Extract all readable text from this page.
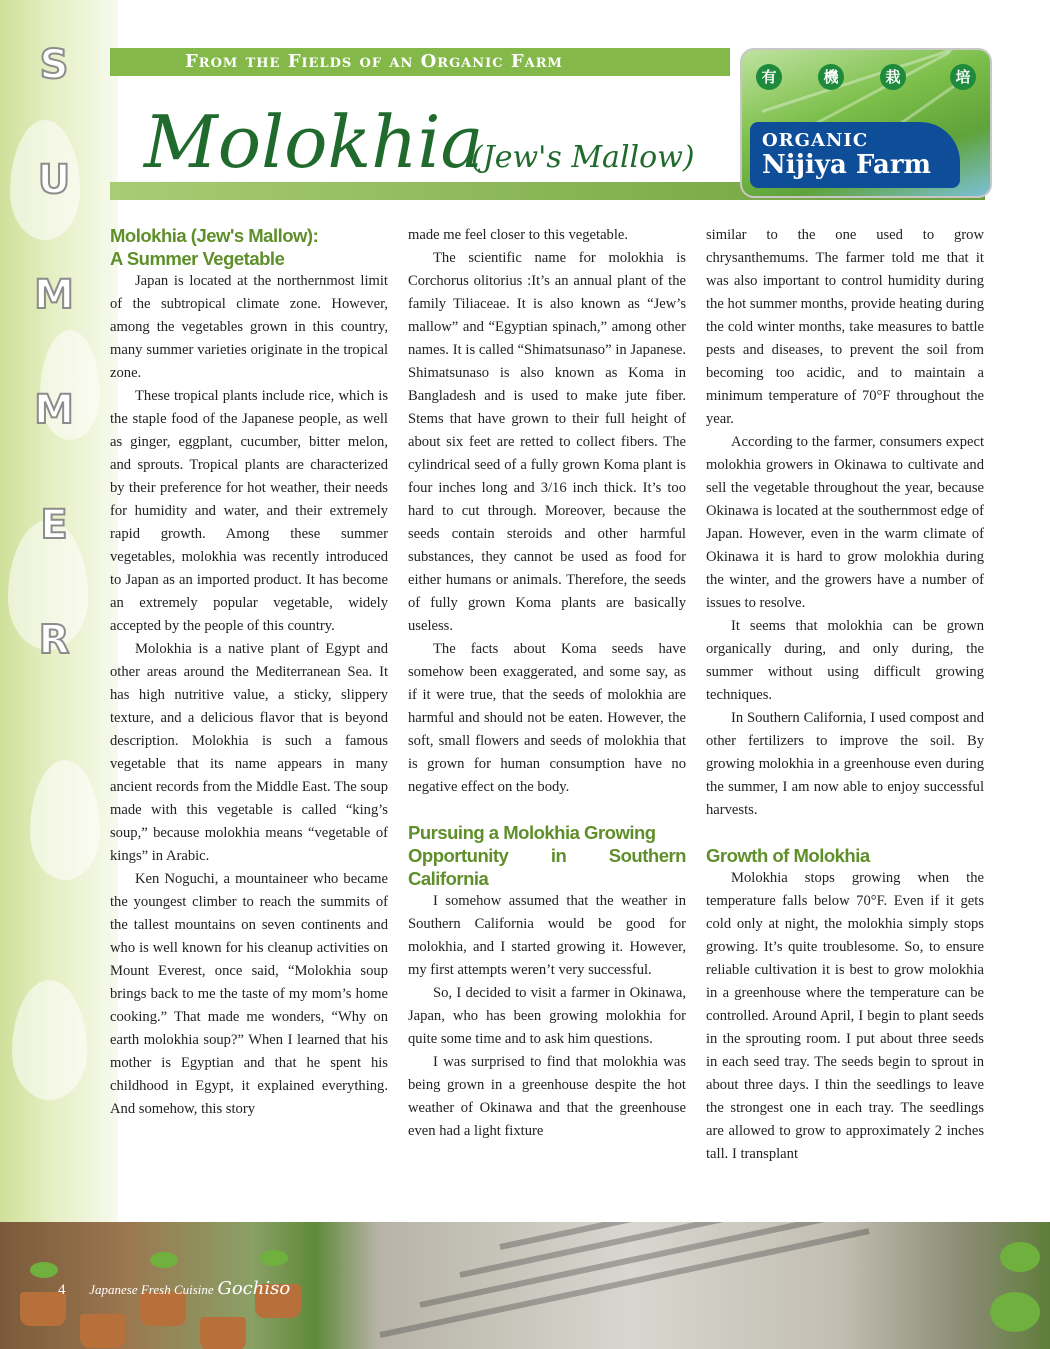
S
U
M
M
E
R
From the Fields of an Organic Farm
Molokhia
(Jew's Mallow)
有	機	栽	培
ORGANIC
Nijiya Farm
Molokhia (Jew's Mallow):
A Summer Vegetable

Japan is located at the northernmost limit of the subtropical climate zone. However, among the vegetables grown in this country, many summer varieties originate in the tropical zone.

These tropical plants include rice, which is the staple food of the Japanese people, as well as ginger, eggplant, cucumber, bitter melon, and sprouts. Tropical plants are characterized by their preference for hot weather, their needs for humidity and water, and their extremely rapid growth. Among these summer vegetables, molokhia was recently introduced to Japan as an imported product. It has become an extremely popular vegetable, widely accepted by the people of this country.

Molokhia is a native plant of Egypt and other areas around the Mediterranean Sea. It has high nutritive value, a sticky, slippery texture, and a delicious flavor that is beyond description. Molokhia is such a famous vegetable that its name appears in many ancient records from the Middle East. The soup made with this vegetable is called “king’s soup,” because molokhia means “vegetable of kings” in Arabic.

Ken Noguchi, a mountaineer who became the youngest climber to reach the summits of the tallest mountains on seven continents and who is well known for his cleanup activities on Mount Everest, once said, “Molokhia soup brings back to me the taste of my mom’s home cooking.” That made me wonders, “Why on earth molokhia soup?” When I learned that his mother is Egyptian and that he spent his childhood in Egypt, it explained everything. And somehow, this story

made me feel closer to this vegetable.

The scientific name for molokhia is Corchorus olitorius :It’s an annual plant of the family Tiliaceae. It is also known as “Jew’s mallow” and “Egyptian spinach,” among other names. It is called “Shimatsunaso” in Japanese. Shimatsunaso is also known as Koma in Bangladesh and is used to make jute fiber. Stems that have grown to their full height of about six feet are retted to collect fibers. The cylindrical seed of a fully grown Koma plant is four inches long and 3/16 inch thick. It’s too hard to cut through. Moreover, because the seeds contain steroids and other harmful substances, they cannot be used as food for either humans or animals. Therefore, the seeds of fully grown Koma plants are basically useless.

The facts about Koma seeds have somehow been exaggerated, and some say, as if it were true, that the seeds of molokhia are harmful and should not be eaten. However, the soft, small flowers and seeds of molokhia that is grown for human consumption have no negative effect on the body.

Pursuing a Molokhia Growing
Opportunity in Southern California

I somehow assumed that the weather in Southern California would be good for molokhia, and I started growing it. However, my first attempts weren’t very successful.

So, I decided to visit a farmer in Okinawa, Japan, who has been growing molokhia for quite some time and to ask him questions.

I was surprised to find that molokhia was being grown in a greenhouse despite the hot weather of Okinawa and that the greenhouse even had a light fixture

similar to the one used to grow chrysanthemums. The farmer told me that it was also important to control humidity during the hot summer months, provide heating during the cold winter months, take measures to battle pests and diseases, to prevent the soil from becoming too acidic, and to maintain a minimum temperature of 70°F throughout the year.

According to the farmer, consumers expect molokhia growers in Okinawa to cultivate and sell the vegetable throughout the year, because Okinawa is located at the southernmost edge of Japan. However, even in the warm climate of Okinawa it is hard to grow molokhia during the winter, and the growers have a number of issues to resolve.

It seems that molokhia can be grown organically during, and only during, the summer without using difficult growing techniques.

In Southern California, I used compost and other fertilizers to improve the soil. By growing molokhia in a greenhouse even during the summer, I am now able to enjoy successful harvests.

Growth of Molokhia

Molokhia stops growing when the temperature falls below 70°F. Even if it gets cold only at night, the molokhia simply stops growing. It’s quite troublesome. So, to ensure reliable cultivation it is best to grow molokhia in a greenhouse where the temperature can be controlled. Around April, I begin to plant seeds in the sprouting room. I put about three seeds in each seed tray. The seeds begin to sprout in about three days. I thin the seedlings to leave the strongest one in each tray. The seedlings are allowed to grow to approximately 2 inches tall. I transplant

4 Japanese Fresh Cuisine Gochiso
